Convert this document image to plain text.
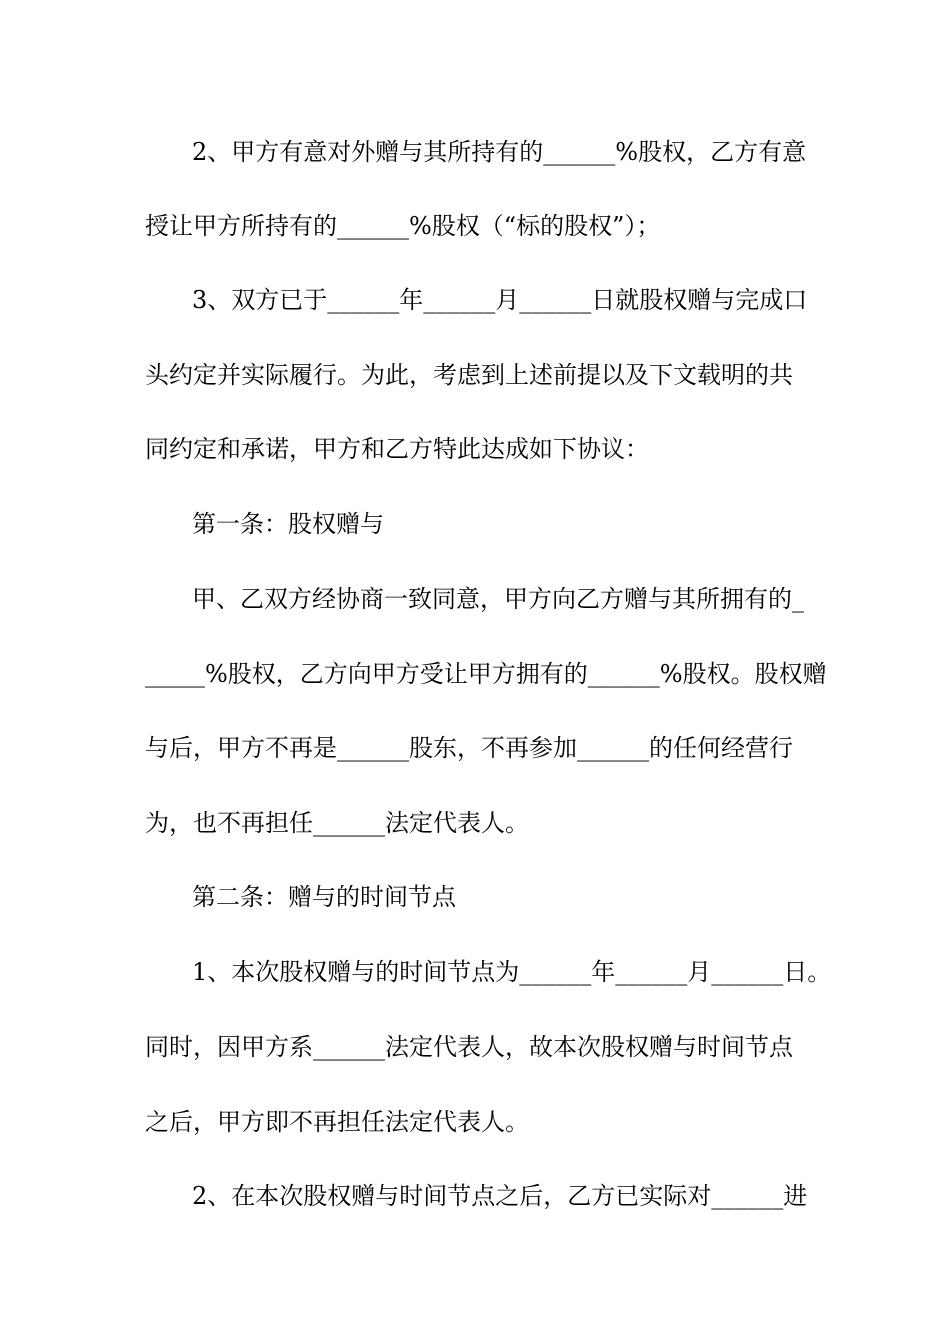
2、甲方有意对外赠与其所持有的______%股权，乙方有意
授让甲方所持有的______%股权（“标的股权”）；
3、双方已于______年______月______日就股权赠与完成口
头约定并实际履行。为此，考虑到上述前提以及下文载明的共
同约定和承诺，甲方和乙方特此达成如下协议：
第一条：股权赠与
甲、乙双方经协商一致同意，甲方向乙方赠与其所拥有的_
_____%股权，乙方向甲方受让甲方拥有的______%股权。股权赠
与后，甲方不再是______股东，不再参加______的任何经营行
为，也不再担任______法定代表人。
第二条：赠与的时间节点
1、本次股权赠与的时间节点为______年______月______日。
同时，因甲方系______法定代表人，故本次股权赠与时间节点
之后，甲方即不再担任法定代表人。
2、在本次股权赠与时间节点之后，乙方已实际对______进
